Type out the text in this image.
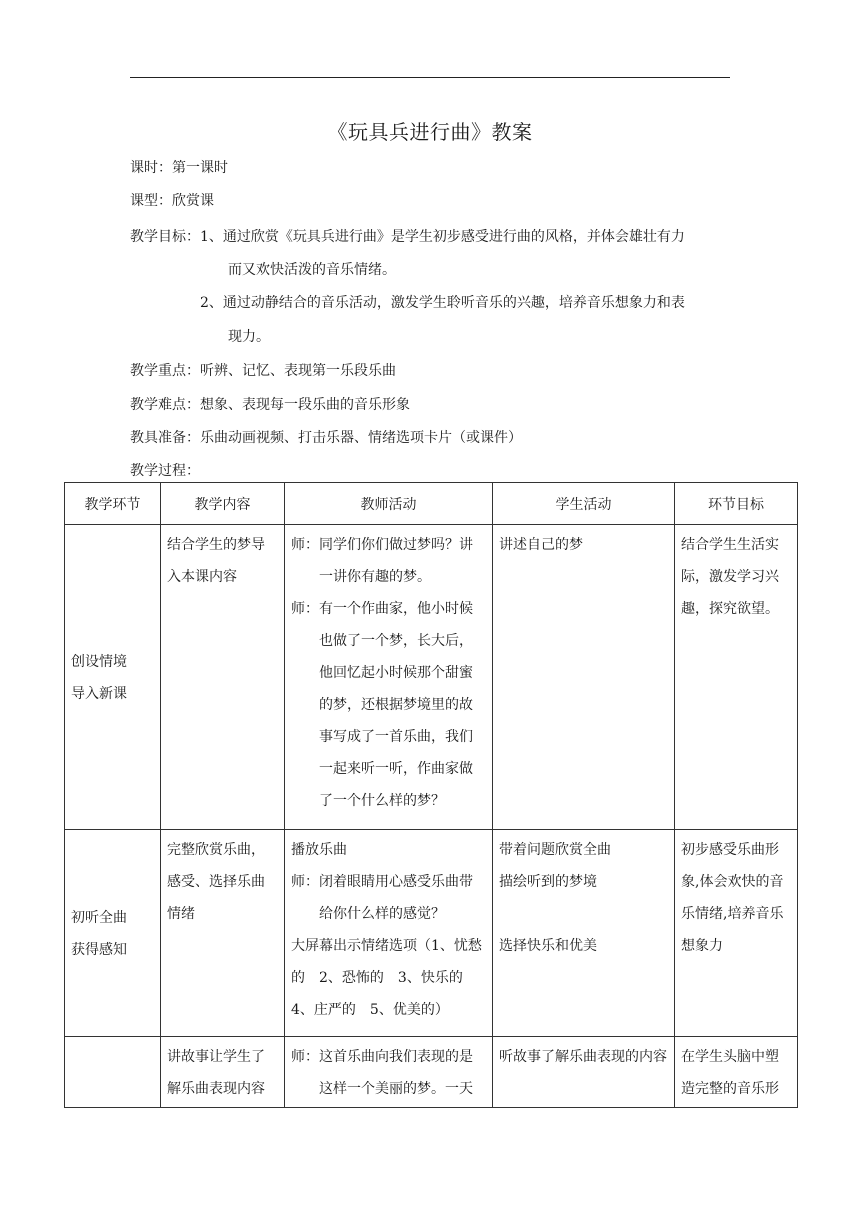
《玩具兵进行曲》教案
课时：第一课时
课型：欣赏课
教学目标： 1、通过欣赏《玩具兵进行曲》是学生初步感受进行曲的风格，并体会雄壮有力
而又欢快活泼的音乐情绪。
2、通过动静结合的音乐活动，激发学生聆听音乐的兴趣，培养音乐想象力和表
现力。
教学重点：听辨、记忆、表现第一乐段乐曲
教学难点：想象、表现每一段乐曲的音乐形象
教具准备：乐曲动画视频、打击乐器、情绪选项卡片（或课件）
教学过程：
教学环节	教学内容	教师活动	学生活动	环节目标

创设情境
导入新课	结合学生的梦导入本课内容	师：同学们你们做过梦吗？讲一讲你有趣的梦。
师：有一个作曲家，他小时候也做了一个梦，长大后，他回忆起小时候那个甜蜜的梦，还根据梦境里的故事写成了一首乐曲，我们一起来听一听，作曲家做了一个什么样的梦？	讲述自己的梦	结合学生生活实际，激发学习兴趣，探究欲望。

初听全曲
获得感知	完整欣赏乐曲，感受、选择乐曲情绪	播放乐曲
师：闭着眼睛用心感受乐曲带给你什么样的感觉？
大屏幕出示情绪选项（1、忧愁的　2、恐怖的　3、快乐的　4、庄严的　5、优美的）	带着问题欣赏全曲
描绘听到的梦境
选择快乐和优美	初步感受乐曲形象,体会欢快的音乐情绪,培养音乐想象力

	讲故事让学生了解乐曲表现内容	师：这首乐曲向我们表现的是这样一个美丽的梦。一天	听故事了解乐曲表现的内容	在学生头脑中塑造完整的音乐形
